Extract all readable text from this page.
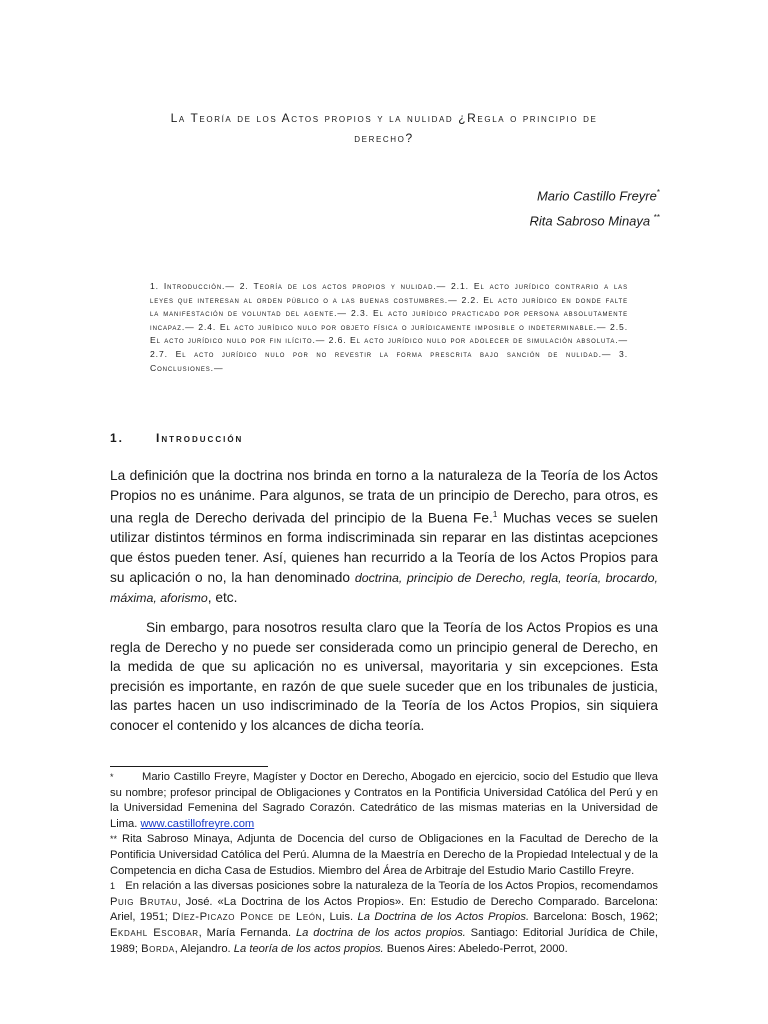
La Teoría de los Actos propios y la nulidad ¿Regla o principio de
derecho?
Mario Castillo Freyre*
Rita Sabroso Minaya **
1. Introducción.— 2. Teoría de los actos propios y nulidad.— 2.1. El acto jurídico contrario a las leyes que interesan al orden público o a las buenas costumbres.— 2.2. El acto jurídico en donde falte la manifestación de voluntad del agente.— 2.3. El acto jurídico practicado por persona absolutamente incapaz.— 2.4. El acto jurídico nulo por objeto física o jurídicamente imposible o indeterminable.— 2.5. El acto jurídico nulo por fin ilícito.— 2.6. El acto jurídico nulo por adolecer de simulación absoluta.— 2.7. El acto jurídico nulo por no revestir la forma prescrita bajo sanción de nulidad.— 3. Conclusiones.—
1.	Introducción
La definición que la doctrina nos brinda en torno a la naturaleza de la Teoría de los Actos Propios no es unánime. Para algunos, se trata de un principio de Derecho, para otros, es una regla de Derecho derivada del principio de la Buena Fe.$^1$ Muchas veces se suelen utilizar distintos términos en forma indiscriminada sin reparar en las distintas acepciones que éstos pueden tener. Así, quienes han recurrido a la Teoría de los Actos Propios para su aplicación o no, la han denominado doctrina, principio de Derecho, regla, teoría, brocardo, máxima, aforismo, etc.
Sin embargo, para nosotros resulta claro que la Teoría de los Actos Propios es una regla de Derecho y no puede ser considerada como un principio general de Derecho, en la medida de que su aplicación no es universal, mayoritaria y sin excepciones. Esta precisión es importante, en razón de que suele suceder que en los tribunales de justicia, las partes hacen un uso indiscriminado de la Teoría de los Actos Propios, sin siquiera conocer el contenido y los alcances de dicha teoría.

*	Mario Castillo Freyre, Magíster y Doctor en Derecho, Abogado en ejercicio, socio del Estudio que lleva su nombre; profesor principal de Obligaciones y Contratos en la Pontificia Universidad Católica del Perú y en la Universidad Femenina del Sagrado Corazón. Catedrático de las mismas materias en la Universidad de Lima. www.castillofreyre.com

** Rita Sabroso Minaya, Adjunta de Docencia del curso de Obligaciones en la Facultad de Derecho de la Pontificia Universidad Católica del Perú. Alumna de la Maestría en Derecho de la Propiedad Intelectual y de la Competencia en dicha Casa de Estudios. Miembro del Área de Arbitraje del Estudio Mario Castillo Freyre.

1 En relación a las diversas posiciones sobre la naturaleza de la Teoría de los Actos Propios, recomendamos Puig Brutau, José. «La Doctrina de los Actos Propios». En: Estudio de Derecho Comparado. Barcelona: Ariel, 1951; Díez-Picazo Ponce de León, Luis. La Doctrina de los Actos Propios. Barcelona: Bosch, 1962; Ekdahl Escobar, María Fernanda. La doctrina de los actos propios. Santiago: Editorial Jurídica de Chile, 1989; Borda, Alejandro. La teoría de los actos propios. Buenos Aires: Abeledo-Perrot, 2000.
